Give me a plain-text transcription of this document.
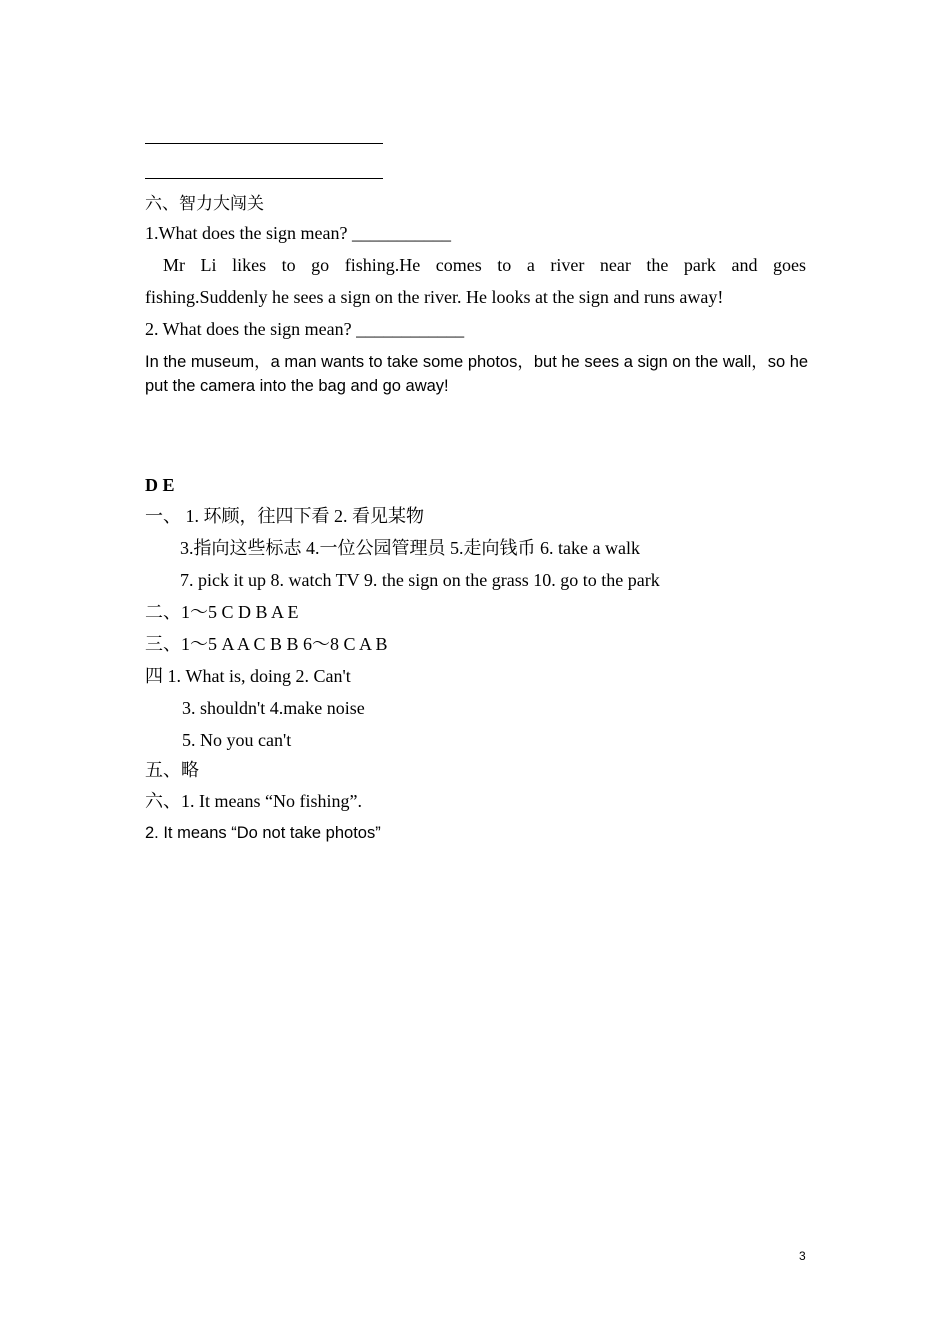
六、智力大闯关
1.What does the sign mean? ___________
Mr Li likes to go fishing.He comes to a river near the park and goes
fishing.Suddenly he sees a sign on the river. He looks at the sign and runs away!
2. What does the sign mean? ____________
In the museum，a man wants to take some photos，but he sees a sign on the wall，so he put the camera into the bag and go away!
D E
一、 1. 环顾，往四下看 2. 看见某物
3.指向这些标志 4.一位公园管理员 5.走向钱币 6. take a walk
7. pick it up 8. watch TV 9. the sign on the grass 10. go to the park
二、1～5 C D B A E
三、1～5 A A C B B 6～8 C A B
四 1. What is, doing 2. Can't
3. shouldn't 4.make noise
5. No you can't
五、略
六、1. It means “No fishing”.
2. It means “Do not take photos”
3
